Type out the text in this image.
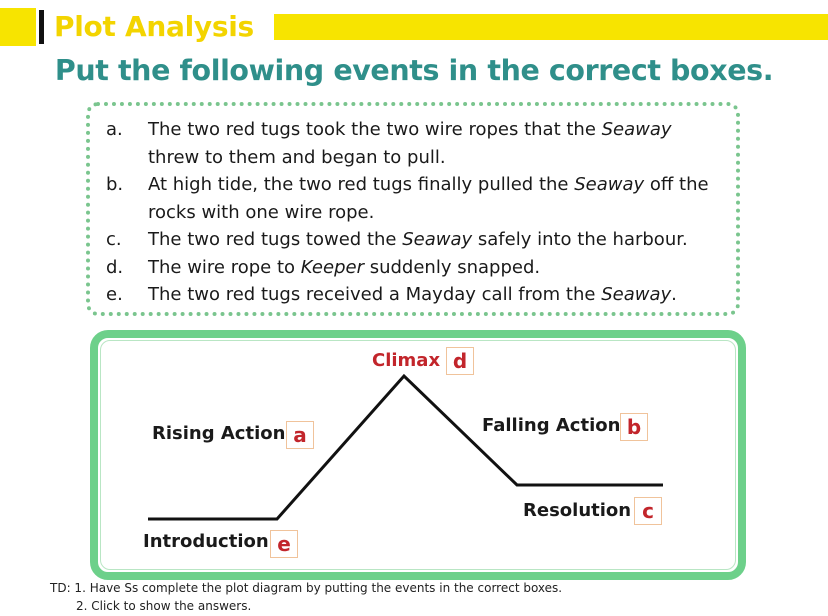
Plot Analysis
Put the following events in the correct boxes.
a. The two red tugs took the two wire ropes that the Seaway
threw to them and began to pull.
b. At high tide, the two red tugs finally pulled the Seaway off the
rocks with one wire rope.
c. The two red tugs towed the Seaway safely into the harbour.
d. The wire rope to Keeper suddenly snapped.
e. The two red tugs received a Mayday call from the Seaway.
Introduction e
Rising Action a
Climax d
Falling Action b
Resolution c
TD: 1. Have Ss complete the plot diagram by putting the events in the correct boxes.
2. Click to show the answers.
